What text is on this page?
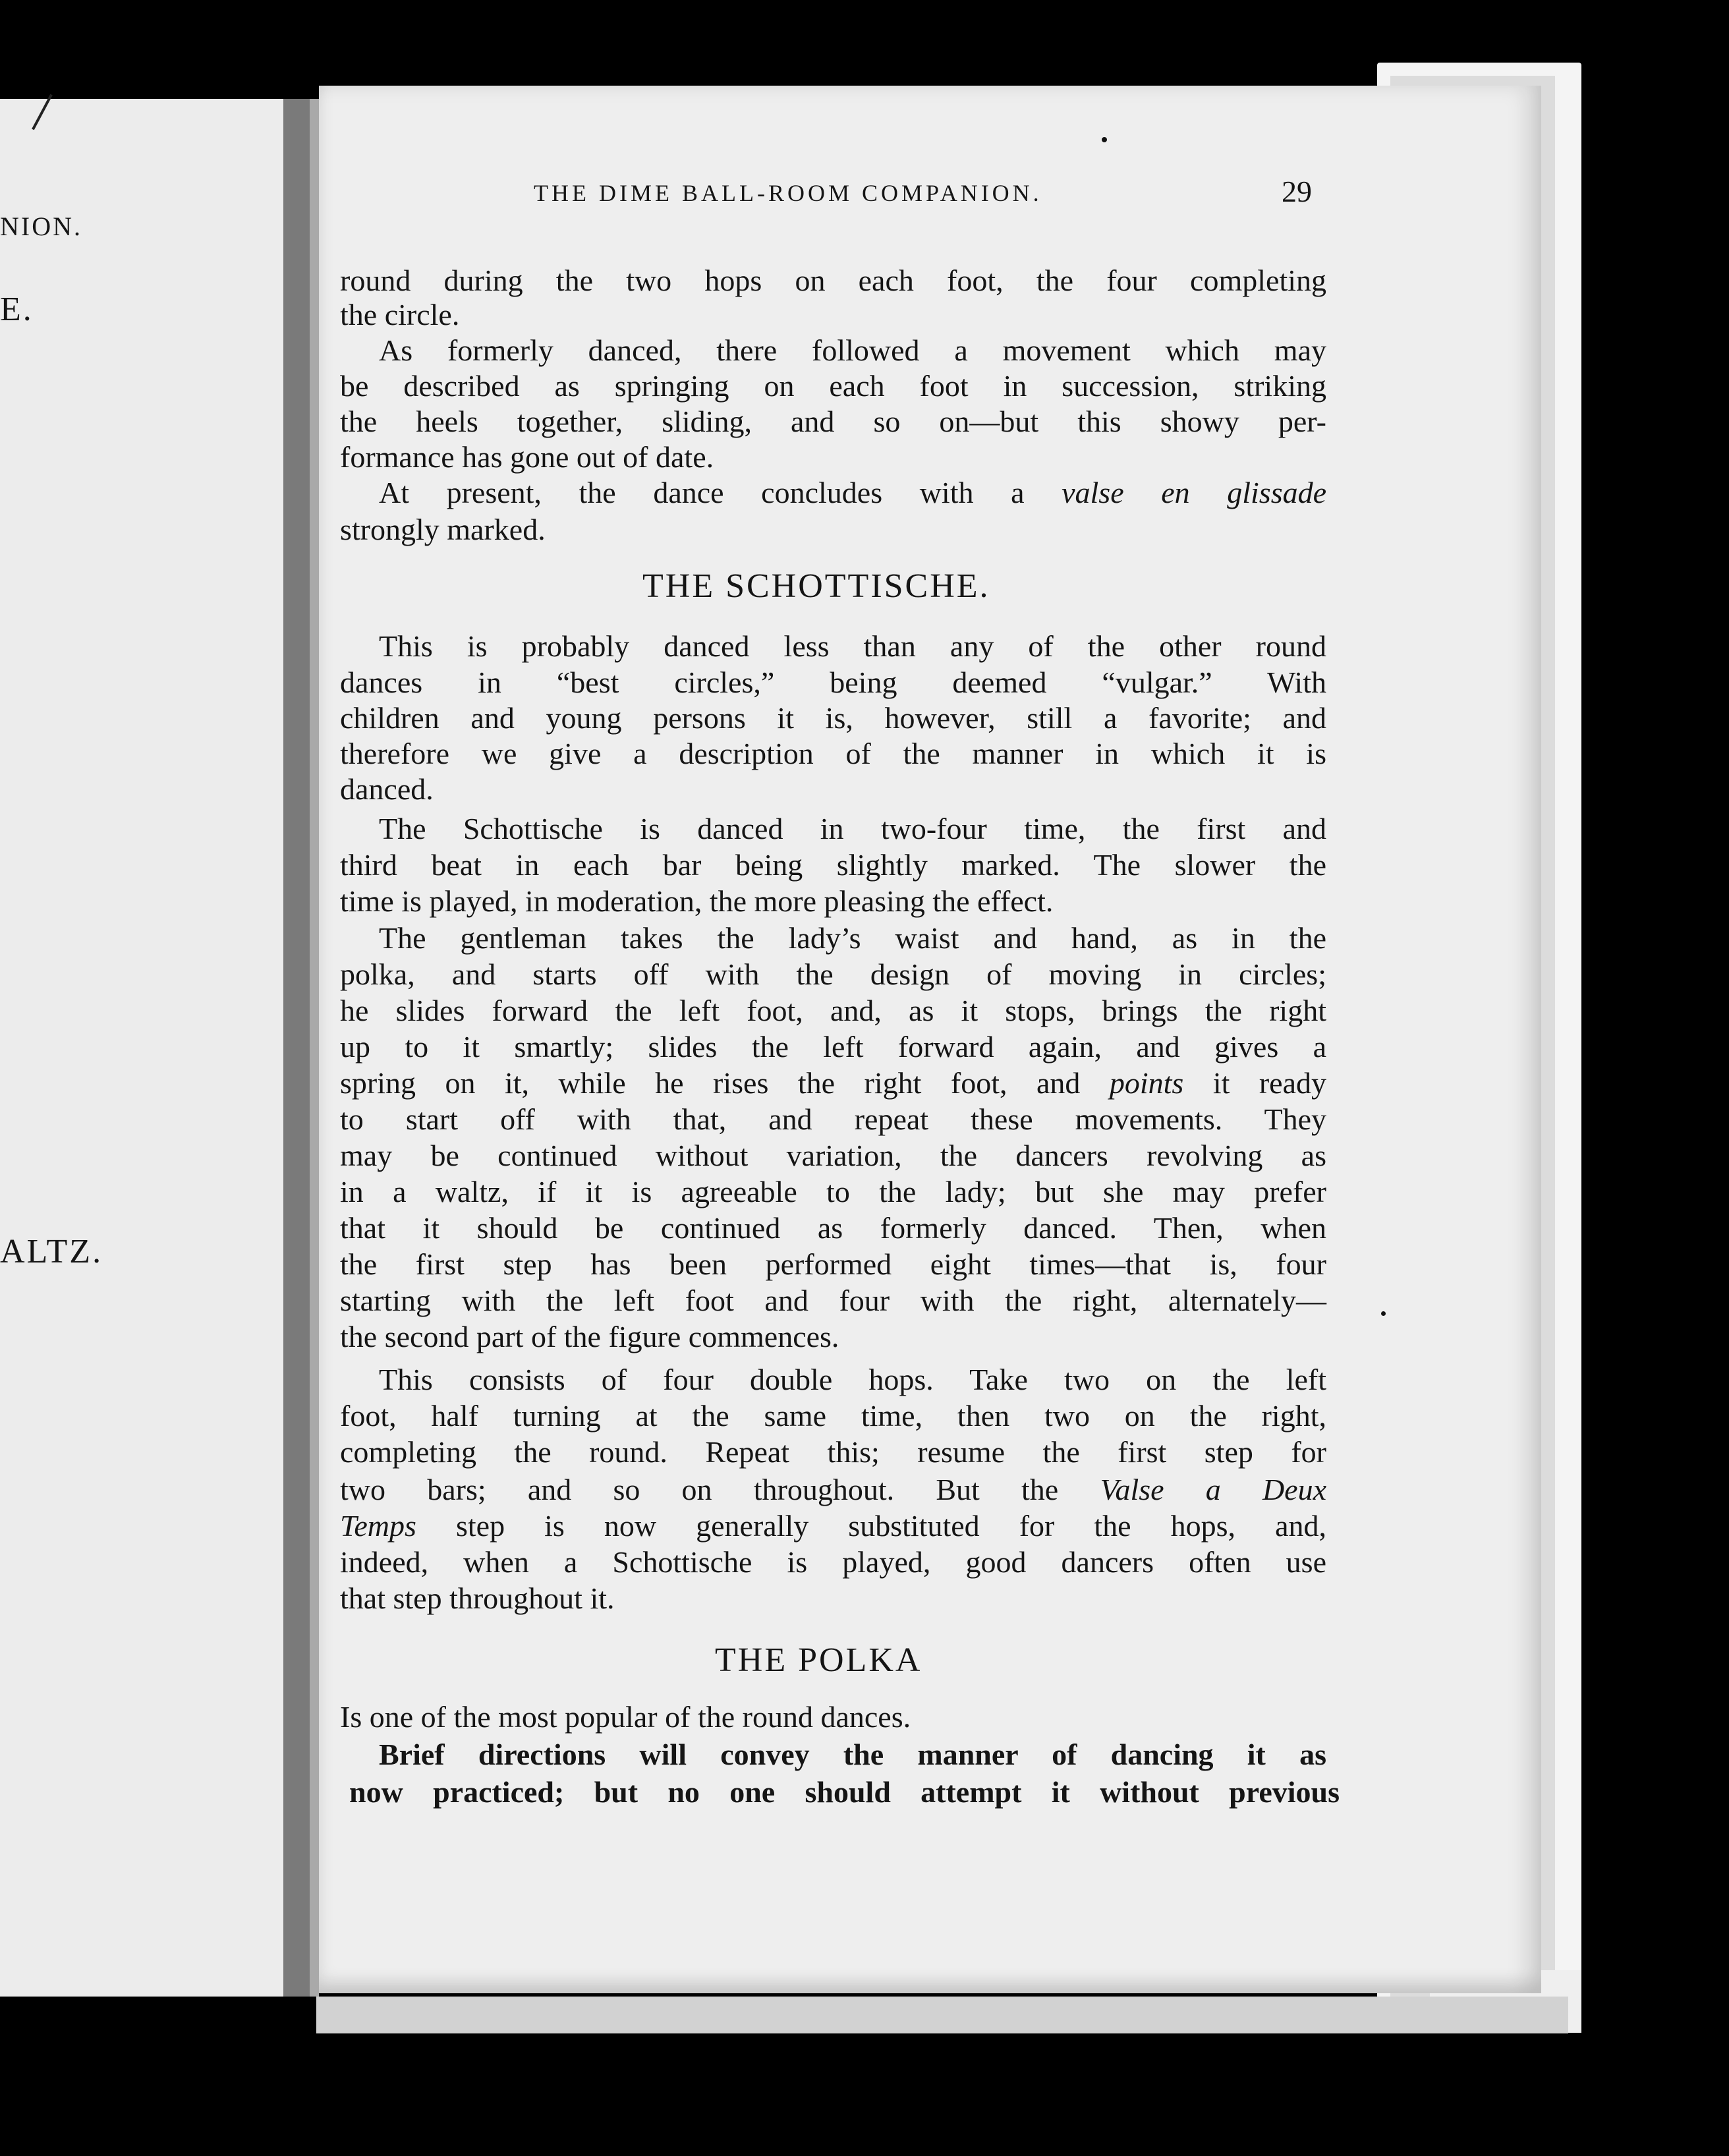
NION.
E.
ALTZ.
THE DIME BALL-ROOM COMPANION.	29
round during the two hops on each foot, the four completing
the circle.
As formerly danced, there followed a movement which may
be described as springing on each foot in succession, striking
the heels together, sliding, and so on—but this showy per-
formance has gone out of date.
At present, the dance concludes with a valse en glissade
strongly marked.
THE SCHOTTISCHE.
This is probably danced less than any of the other round
dances in “best circles,” being deemed “vulgar.” With
children and young persons it is, however, still a favorite; and
therefore we give a description of the manner in which it is
danced.
The Schottische is danced in two-four time, the first and
third beat in each bar being slightly marked. The slower the
time is played, in moderation, the more pleasing the effect.
The gentleman takes the lady’s waist and hand, as in the
polka, and starts off with the design of moving in circles;
he slides forward the left foot, and, as it stops, brings the right
up to it smartly; slides the left forward again, and gives a
spring on it, while he rises the right foot, and points it ready
to start off with that, and repeat these movements. They
may be continued without variation, the dancers revolving as
in a waltz, if it is agreeable to the lady; but she may prefer
that it should be continued as formerly danced. Then, when
the first step has been performed eight times—that is, four
starting with the left foot and four with the right, alternately—
the second part of the figure commences.
This consists of four double hops. Take two on the left
foot, half turning at the same time, then two on the right,
completing the round. Repeat this; resume the first step for
two bars; and so on throughout. But the Valse a Deux
Temps step is now generally substituted for the hops, and,
indeed, when a Schottische is played, good dancers often use
that step throughout it.
THE POLKA
Is one of the most popular of the round dances.
Brief directions will convey the manner of dancing it as
now practiced; but no one should attempt it without previous
